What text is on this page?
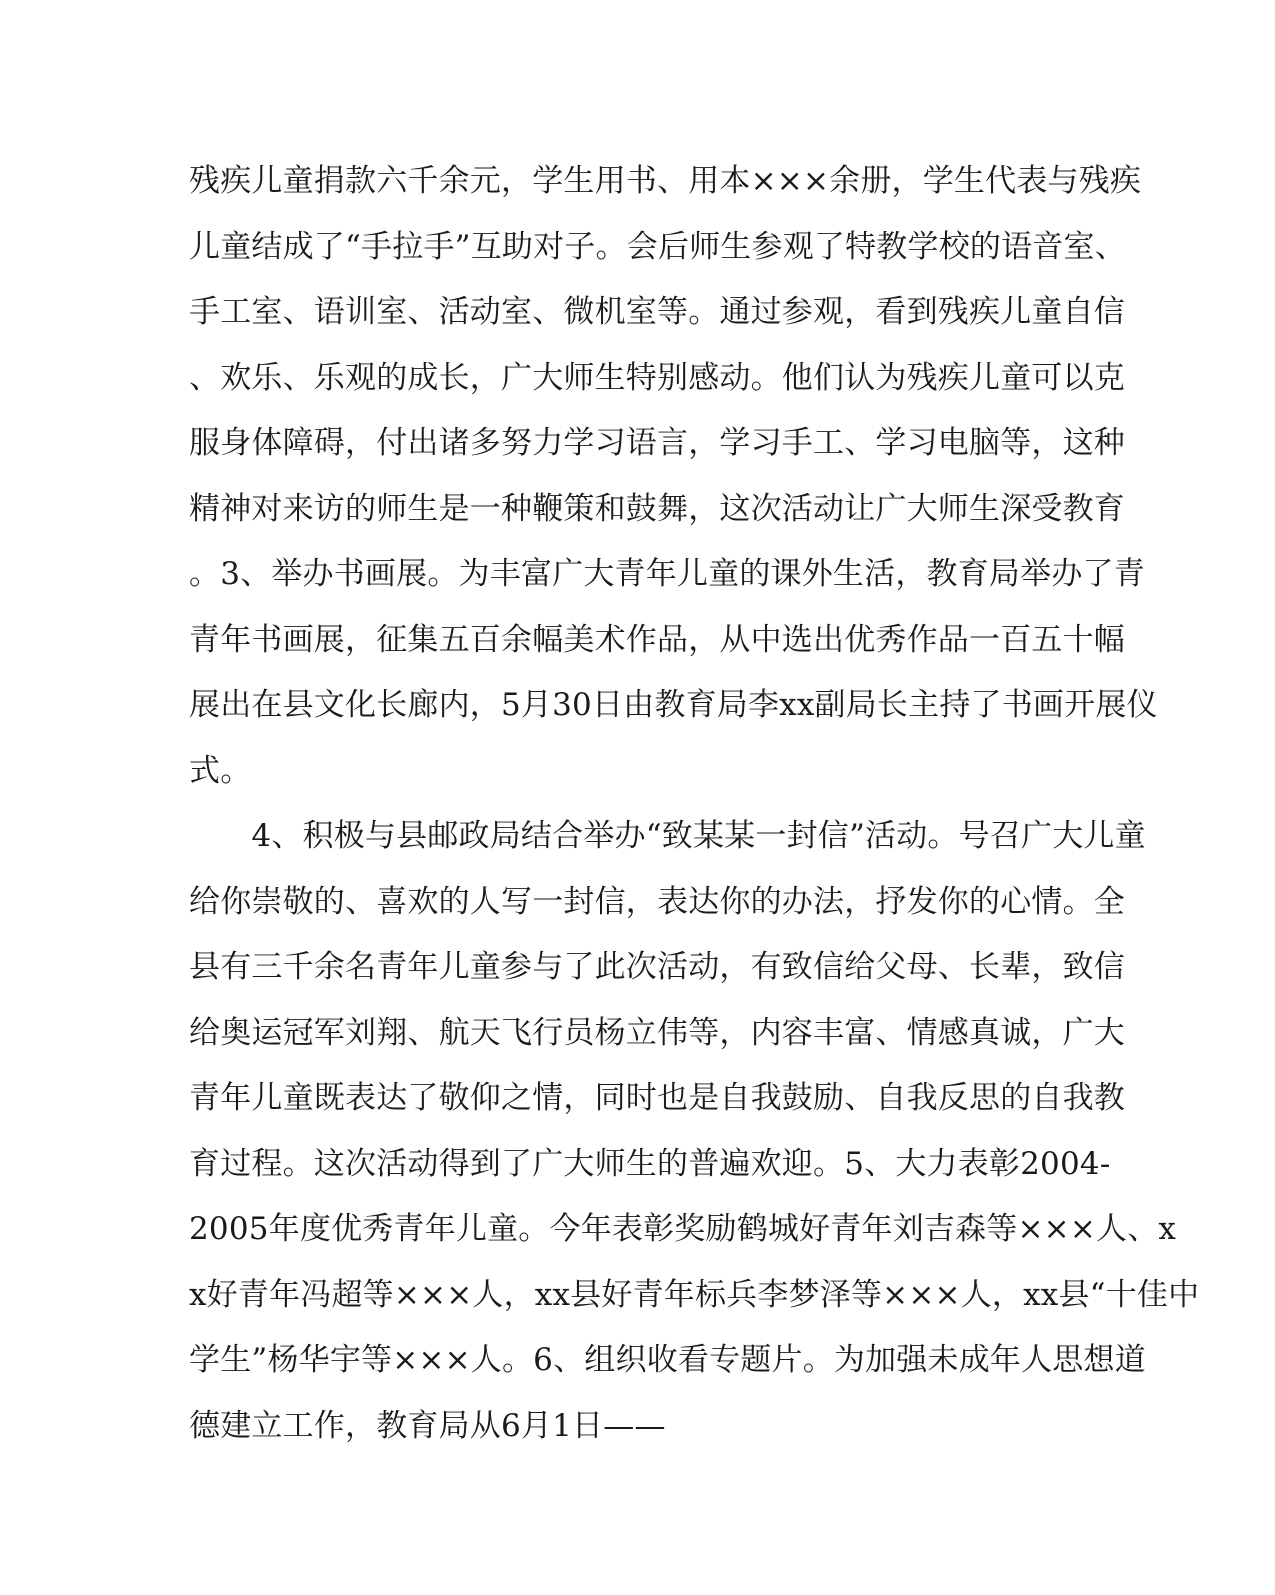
残疾儿童捐款六千余元，学生用书、用本×××余册，学生代表与残疾
儿童结成了“手拉手”互助对子。会后师生参观了特教学校的语音室、
手工室、语训室、活动室、微机室等。通过参观，看到残疾儿童自信
、欢乐、乐观的成长，广大师生特别感动。他们认为残疾儿童可以克
服身体障碍，付出诸多努力学习语言，学习手工、学习电脑等，这种
精神对来访的师生是一种鞭策和鼓舞，这次活动让广大师生深受教育
。3、举办书画展。为丰富广大青年儿童的课外生活，教育局举办了青
青年书画展，征集五百余幅美术作品，从中选出优秀作品一百五十幅
展出在县文化长廊内，5月30日由教育局李xx副局长主持了书画开展仪
式。
　　4、积极与县邮政局结合举办“致某某一封信”活动。号召广大儿童
给你崇敬的、喜欢的人写一封信，表达你的办法，抒发你的心情。全
县有三千余名青年儿童参与了此次活动，有致信给父母、长辈，致信
给奥运冠军刘翔、航天飞行员杨立伟等，内容丰富、情感真诚，广大
青年儿童既表达了敬仰之情，同时也是自我鼓励、自我反思的自我教
育过程。这次活动得到了广大师生的普遍欢迎。5、大力表彰2004-
2005年度优秀青年儿童。今年表彰奖励鹤城好青年刘吉森等×××人、x
x好青年冯超等×××人，xx县好青年标兵李梦泽等×××人，xx县“十佳中
学生”杨华宇等×××人。6、组织收看专题片。为加强未成年人思想道
德建立工作，教育局从6月1日——
